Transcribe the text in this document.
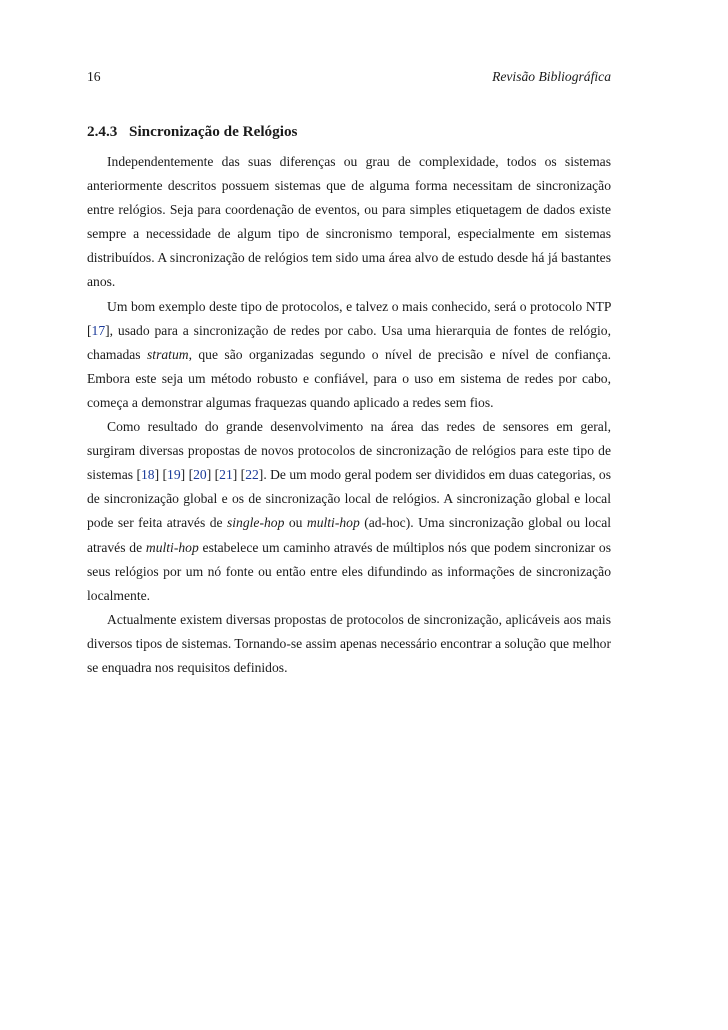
16	Revisão Bibliográfica
2.4.3 Sincronização de Relógios

Independentemente das suas diferenças ou grau de complexidade, todos os sistemas anteriormente descritos possuem sistemas que de alguma forma necessitam de sincronização entre relógios. Seja para coordenação de eventos, ou para simples etiquetagem de dados existe sempre a necessidade de algum tipo de sincronismo temporal, especialmente em sistemas distribuídos. A sincronização de relógios tem sido uma área alvo de estudo desde há já bastantes anos.

Um bom exemplo deste tipo de protocolos, e talvez o mais conhecido, será o protocolo NTP [17], usado para a sincronização de redes por cabo. Usa uma hierarquia de fontes de relógio, chamadas stratum, que são organizadas segundo o nível de precisão e nível de confiança. Embora este seja um método robusto e confiável, para o uso em sistema de redes por cabo, começa a demonstrar algumas fraquezas quando aplicado a redes sem fios.

Como resultado do grande desenvolvimento na área das redes de sensores em geral, surgiram diversas propostas de novos protocolos de sincronização de relógios para este tipo de sistemas [18] [19] [20] [21] [22]. De um modo geral podem ser divididos em duas categorias, os de sincronização global e os de sincronização local de relógios. A sincronização global e local pode ser feita através de single-hop ou multi-hop (ad-hoc). Uma sincronização global ou local através de multi-hop estabelece um caminho através de múltiplos nós que podem sincronizar os seus relógios por um nó fonte ou então entre eles difundindo as informações de sincronização localmente.

Actualmente existem diversas propostas de protocolos de sincronização, aplicáveis aos mais diversos tipos de sistemas. Tornando-se assim apenas necessário encontrar a solução que melhor se enquadra nos requisitos definidos.
